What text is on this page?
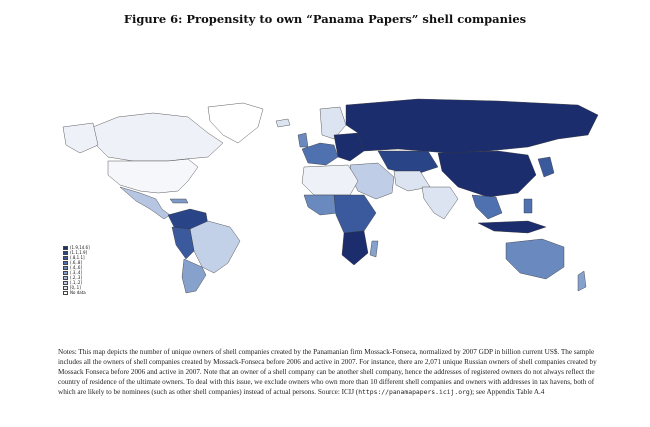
Figure 6: Propensity to own “Panama Papers” shell companies
(1.9,14.6]
(1.1,1.9]
(.8,1.1]
(.6,.8]
(.4,.6]
(.3,.4]
(.2,.3]
(.1,.2]
[0,.1]
No data
Notes: This map depicts the number of unique owners of shell companies created by the Panamanian firm Mossack-Fonseca, normalized by 2007 GDP in billion current US$. The sample includes all the owners of shell companies created by Mossack-Fonseca before 2006 and active in 2007. For instance, there are 2,071 unique Russian owners of shell companies created by Mossack Fonseca before 2006 and active in 2007. Note that an owner of a shell company can be another shell company, hence the addresses of registered owners do not always reflect the country of residence of the ultimate owners. To deal with this issue, we exclude owners who own more than 10 different shell companies and owners with addresses in tax havens, both of which are likely to be nominees (such as other shell companies) instead of actual persons. Source: ICIJ (https://panamapapers.icij.org); see Appendix Table A.4
